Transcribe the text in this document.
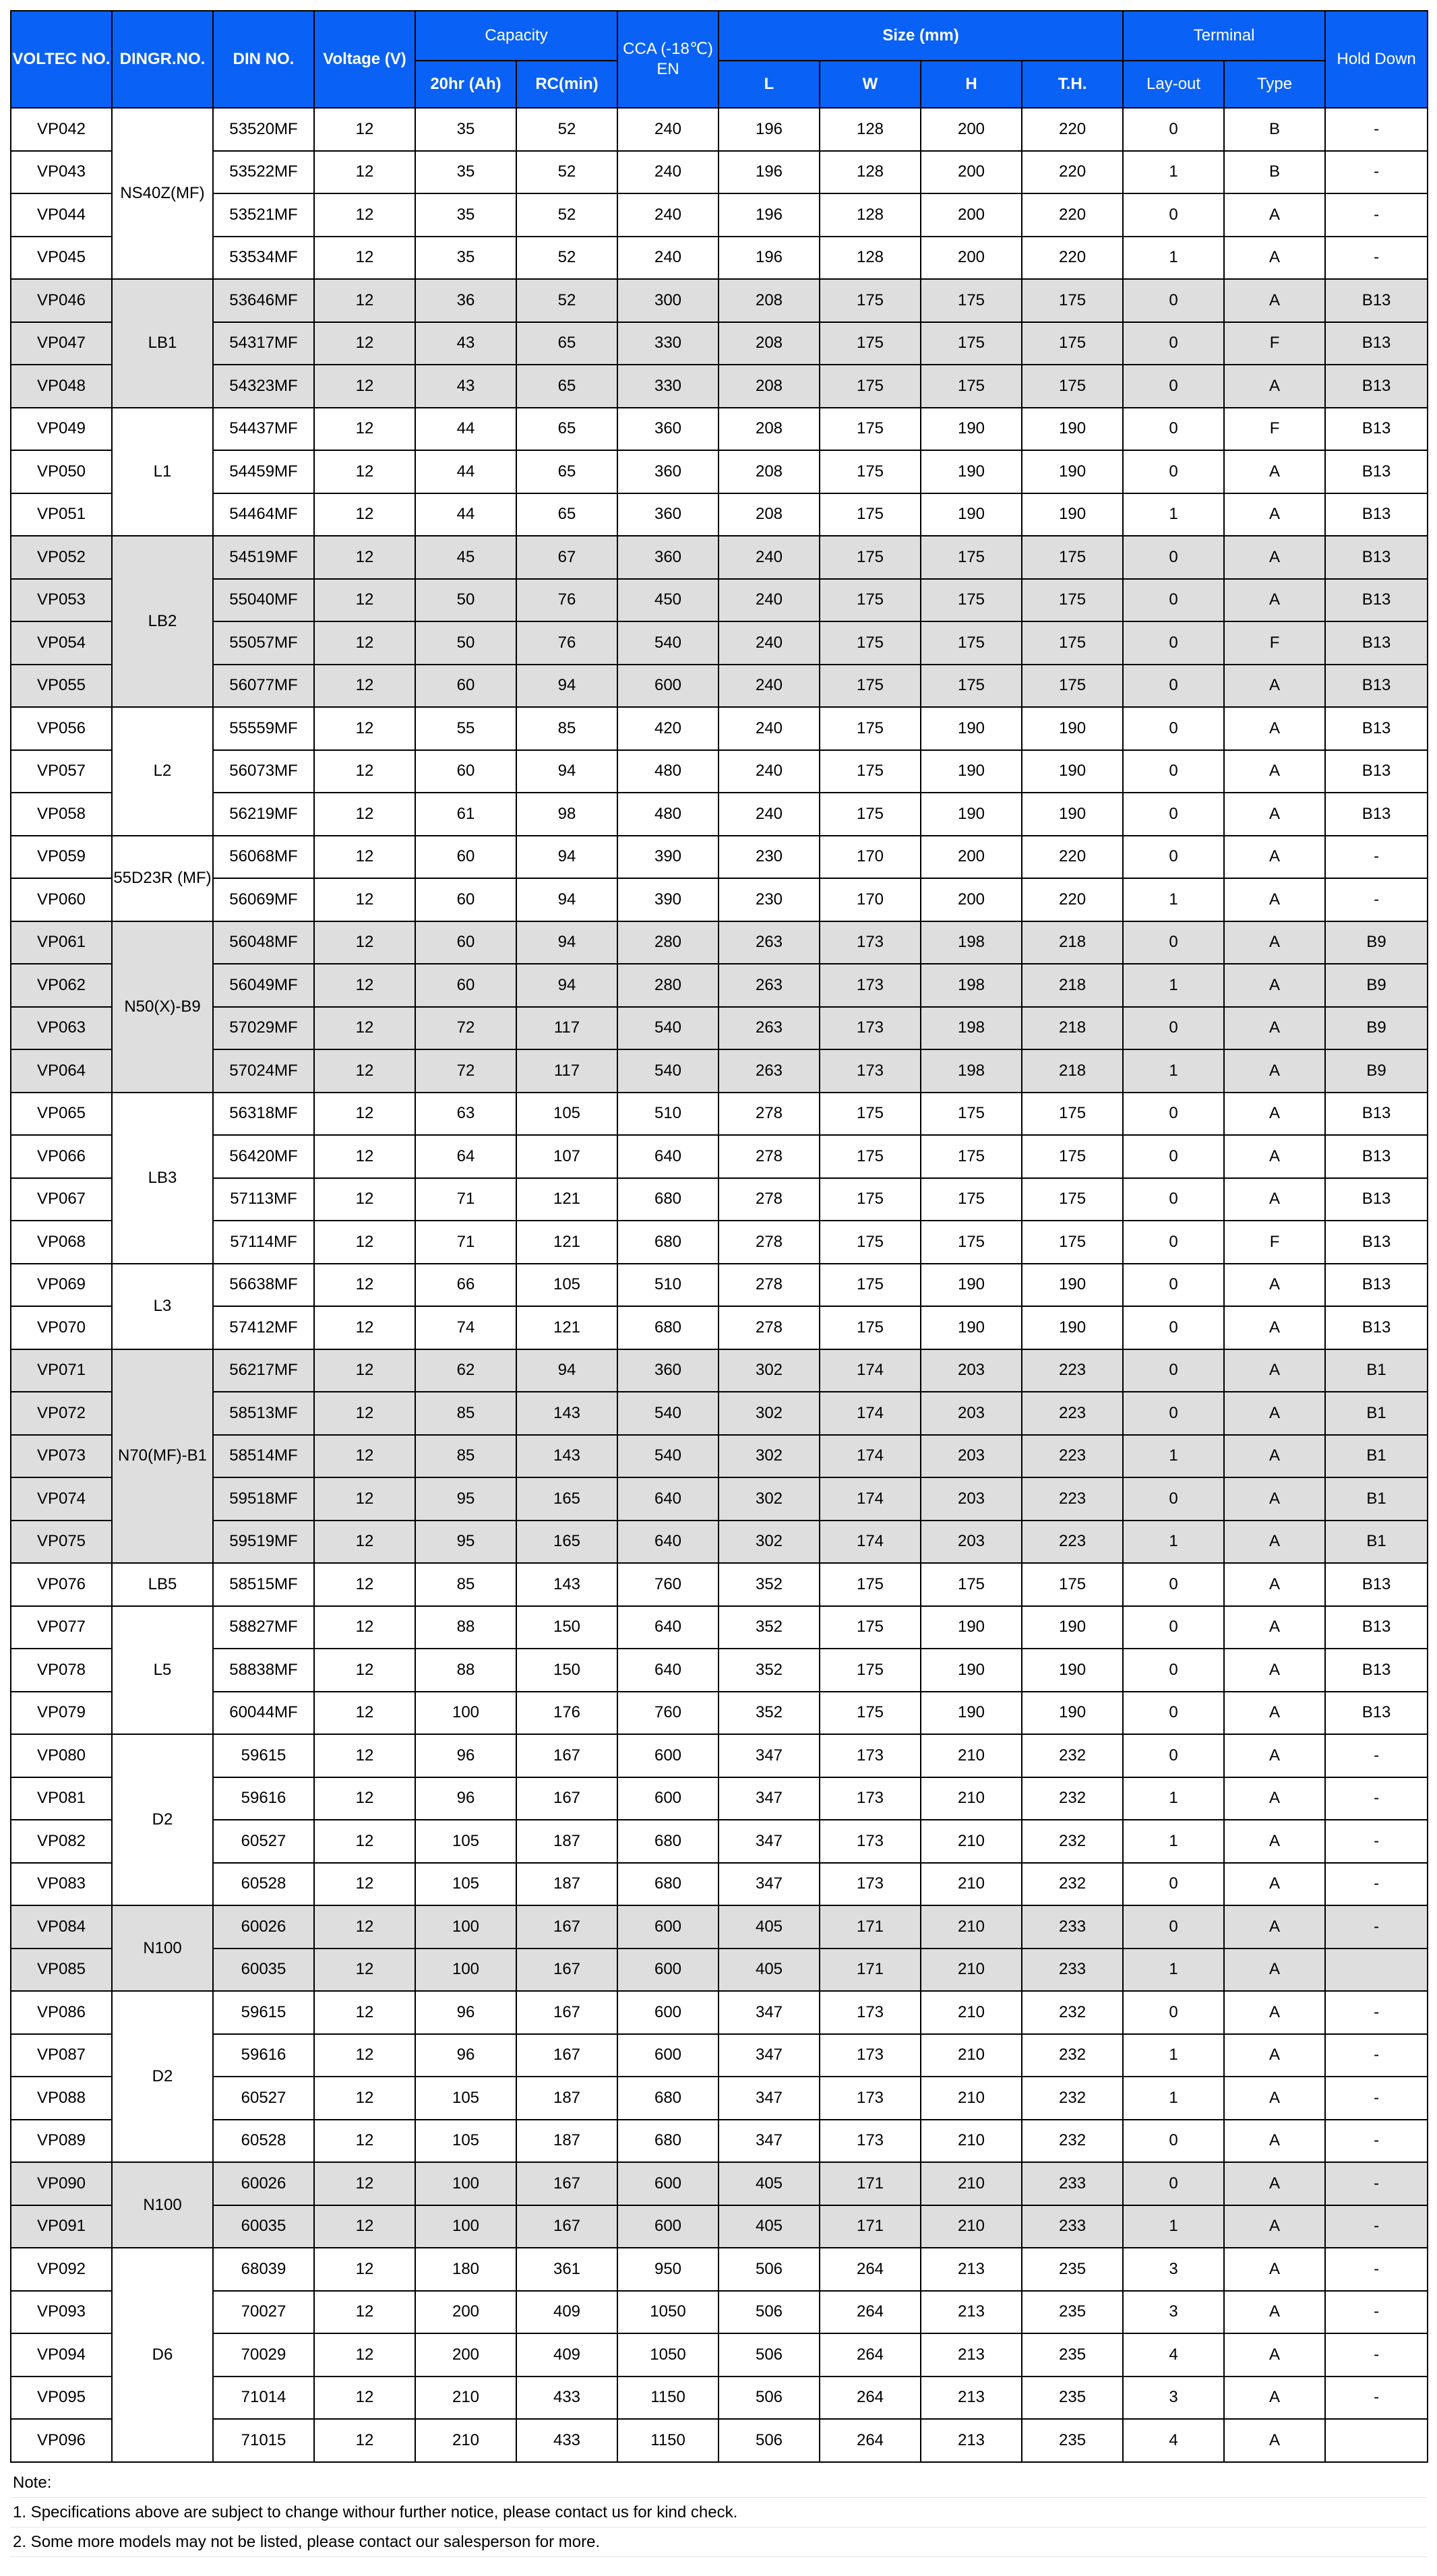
VOLTEC NO.	DINGR.NO.	DIN NO.	Voltage (V)	Capacity		CCA (-18℃) EN	Size (mm)				Terminal		Hold Down
				20hr (Ah)	RC(min)		L	W	H	T.H.	Lay-out	Type	
VP042	NS40Z(MF)	53520MF	12	35	52	240	196	128	200	220	0	B	-
VP043		53522MF	12	35	52	240	196	128	200	220	1	B	-
VP044		53521MF	12	35	52	240	196	128	200	220	0	A	-
VP045		53534MF	12	35	52	240	196	128	200	220	1	A	-
VP046	LB1	53646MF	12	36	52	300	208	175	175	175	0	A	B13
VP047		54317MF	12	43	65	330	208	175	175	175	0	F	B13
VP048		54323MF	12	43	65	330	208	175	175	175	0	A	B13
VP049	L1	54437MF	12	44	65	360	208	175	190	190	0	F	B13
VP050		54459MF	12	44	65	360	208	175	190	190	0	A	B13
VP051		54464MF	12	44	65	360	208	175	190	190	1	A	B13
VP052	LB2	54519MF	12	45	67	360	240	175	175	175	0	A	B13
VP053		55040MF	12	50	76	450	240	175	175	175	0	A	B13
VP054		55057MF	12	50	76	540	240	175	175	175	0	F	B13
VP055		56077MF	12	60	94	600	240	175	175	175	0	A	B13
VP056	L2	55559MF	12	55	85	420	240	175	190	190	0	A	B13
VP057		56073MF	12	60	94	480	240	175	190	190	0	A	B13
VP058		56219MF	12	61	98	480	240	175	190	190	0	A	B13
VP059	55D23R (MF)	56068MF	12	60	94	390	230	170	200	220	0	A	-
VP060		56069MF	12	60	94	390	230	170	200	220	1	A	-
VP061	N50(X)-B9	56048MF	12	60	94	280	263	173	198	218	0	A	B9
VP062		56049MF	12	60	94	280	263	173	198	218	1	A	B9
VP063		57029MF	12	72	117	540	263	173	198	218	0	A	B9
VP064		57024MF	12	72	117	540	263	173	198	218	1	A	B9
VP065	LB3	56318MF	12	63	105	510	278	175	175	175	0	A	B13
VP066		56420MF	12	64	107	640	278	175	175	175	0	A	B13
VP067		57113MF	12	71	121	680	278	175	175	175	0	A	B13
VP068		57114MF	12	71	121	680	278	175	175	175	0	F	B13
VP069	L3	56638MF	12	66	105	510	278	175	190	190	0	A	B13
VP070		57412MF	12	74	121	680	278	175	190	190	0	A	B13
VP071	N70(MF)-B1	56217MF	12	62	94	360	302	174	203	223	0	A	B1
VP072		58513MF	12	85	143	540	302	174	203	223	0	A	B1
VP073		58514MF	12	85	143	540	302	174	203	223	1	A	B1
VP074		59518MF	12	95	165	640	302	174	203	223	0	A	B1
VP075		59519MF	12	95	165	640	302	174	203	223	1	A	B1
VP076	LB5	58515MF	12	85	143	760	352	175	175	175	0	A	B13
VP077	L5	58827MF	12	88	150	640	352	175	190	190	0	A	B13
VP078		58838MF	12	88	150	640	352	175	190	190	0	A	B13
VP079		60044MF	12	100	176	760	352	175	190	190	0	A	B13
VP080	D2	59615	12	96	167	600	347	173	210	232	0	A	-
VP081		59616	12	96	167	600	347	173	210	232	1	A	-
VP082		60527	12	105	187	680	347	173	210	232	1	A	-
VP083		60528	12	105	187	680	347	173	210	232	0	A	-
VP084	N100	60026	12	100	167	600	405	171	210	233	0	A	-
VP085		60035	12	100	167	600	405	171	210	233	1	A	
VP086	D2	59615	12	96	167	600	347	173	210	232	0	A	-
VP087		59616	12	96	167	600	347	173	210	232	1	A	-
VP088		60527	12	105	187	680	347	173	210	232	1	A	-
VP089		60528	12	105	187	680	347	173	210	232	0	A	-
VP090	N100	60026	12	100	167	600	405	171	210	233	0	A	-
VP091		60035	12	100	167	600	405	171	210	233	1	A	-
VP092	D6	68039	12	180	361	950	506	264	213	235	3	A	-
VP093		70027	12	200	409	1050	506	264	213	235	3	A	-
VP094		70029	12	200	409	1050	506	264	213	235	4	A	-
VP095		71014	12	210	433	1150	506	264	213	235	3	A	-
VP096		71015	12	210	433	1150	506	264	213	235	4	A	
Note:
1. Specifications above are subject to change withour further notice, please contact us for kind check.
2. Some more models may not be listed, please contact our salesperson for more.
